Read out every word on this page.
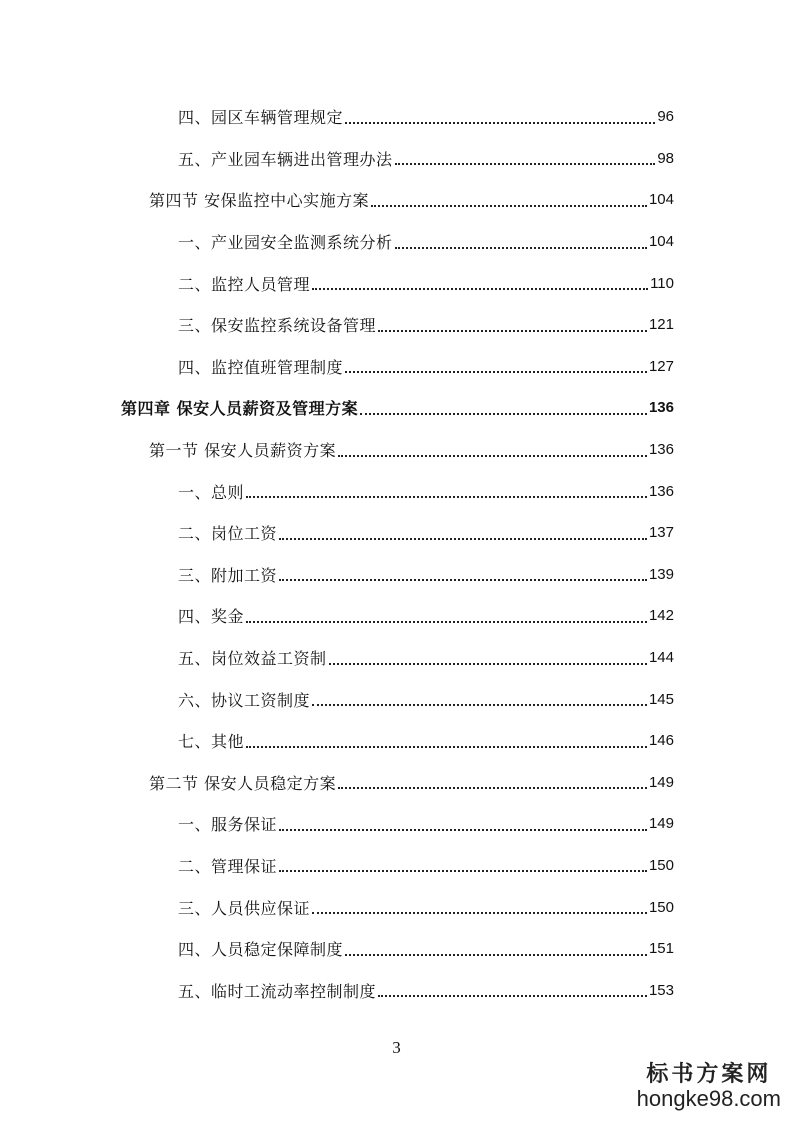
四、园区车辆管理规定	96
五、产业园车辆进出管理办法	98
第四节 安保监控中心实施方案	104
一、产业园安全监测系统分析	104
二、监控人员管理	110
三、保安监控系统设备管理	121
四、监控值班管理制度	127
第四章 保安人员薪资及管理方案	136
第一节 保安人员薪资方案	136
一、总则	136
二、岗位工资	137
三、附加工资	139
四、奖金	142
五、岗位效益工资制	144
六、协议工资制度	145
七、其他	146
第二节 保安人员稳定方案	149
一、服务保证	149
二、管理保证	150
三、人员供应保证	150
四、人员稳定保障制度	151
五、临时工流动率控制制度	153
3
标书方案网
hongke98.com
